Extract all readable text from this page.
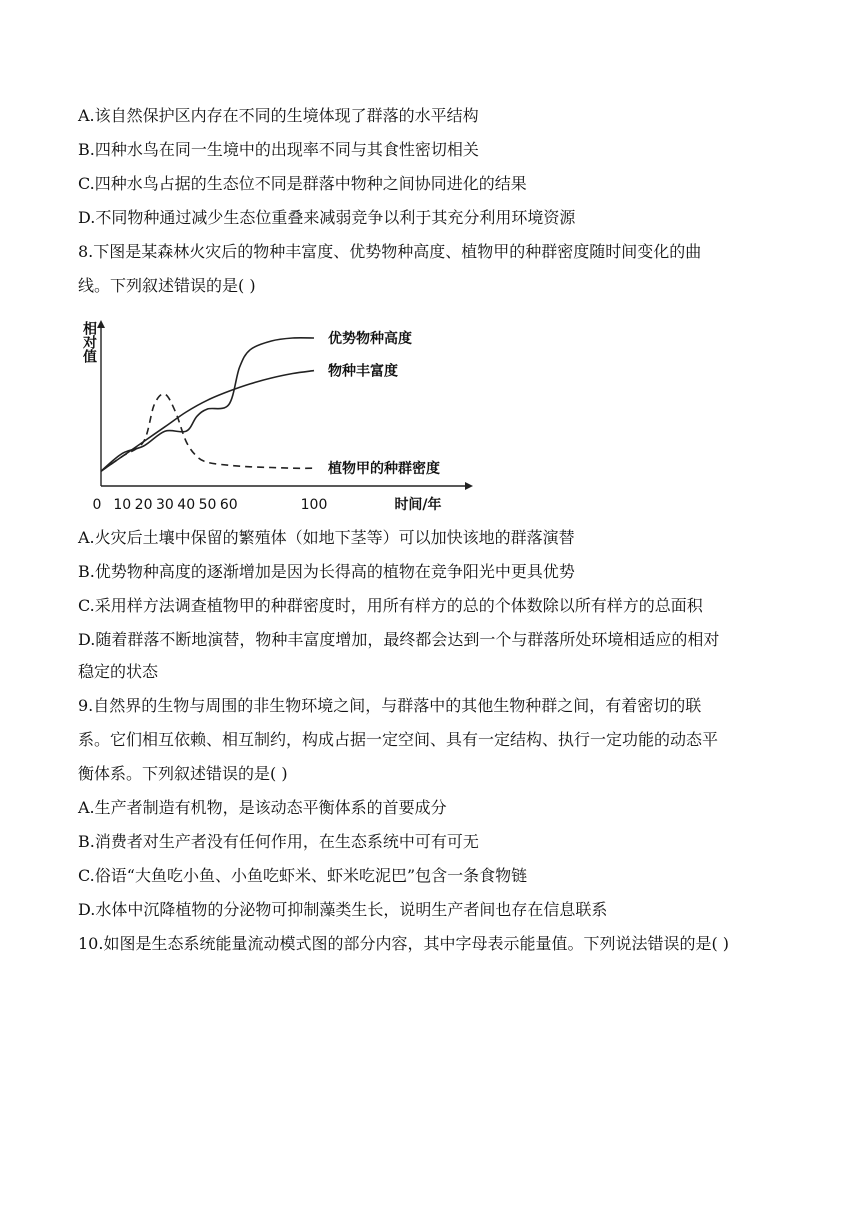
A.该自然保护区内存在不同的生境体现了群落的水平结构
B.四种水鸟在同一生境中的出现率不同与其食性密切相关
C.四种水鸟占据的生态位不同是群落中物种之间协同进化的结果
D.不同物种通过减少生态位重叠来减弱竞争以利于其充分利用环境资源
8.下图是某森林火灾后的物种丰富度、优势物种高度、植物甲的种群密度随时间变化的曲
线。下列叙述错误的是( )
相对值
时间/年
0 10 20 30 40 50 60	100
优势物种高度
物种丰富度
植物甲的种群密度
A.火灾后土壤中保留的繁殖体（如地下茎等）可以加快该地的群落演替
B.优势物种高度的逐渐增加是因为长得高的植物在竞争阳光中更具优势
C.采用样方法调查植物甲的种群密度时，用所有样方的总的个体数除以所有样方的总面积
D.随着群落不断地演替，物种丰富度增加，最终都会达到一个与群落所处环境相适应的相对
稳定的状态
9.自然界的生物与周围的非生物环境之间，与群落中的其他生物种群之间，有着密切的联
系。它们相互依赖、相互制约，构成占据一定空间、具有一定结构、执行一定功能的动态平
衡体系。下列叙述错误的是( )
A.生产者制造有机物，是该动态平衡体系的首要成分
B.消费者对生产者没有任何作用，在生态系统中可有可无
C.俗语“大鱼吃小鱼、小鱼吃虾米、虾米吃泥巴”包含一条食物链
D.水体中沉降植物的分泌物可抑制藻类生长，说明生产者间也存在信息联系
10.如图是生态系统能量流动模式图的部分内容，其中字母表示能量值。下列说法错误的是( )
